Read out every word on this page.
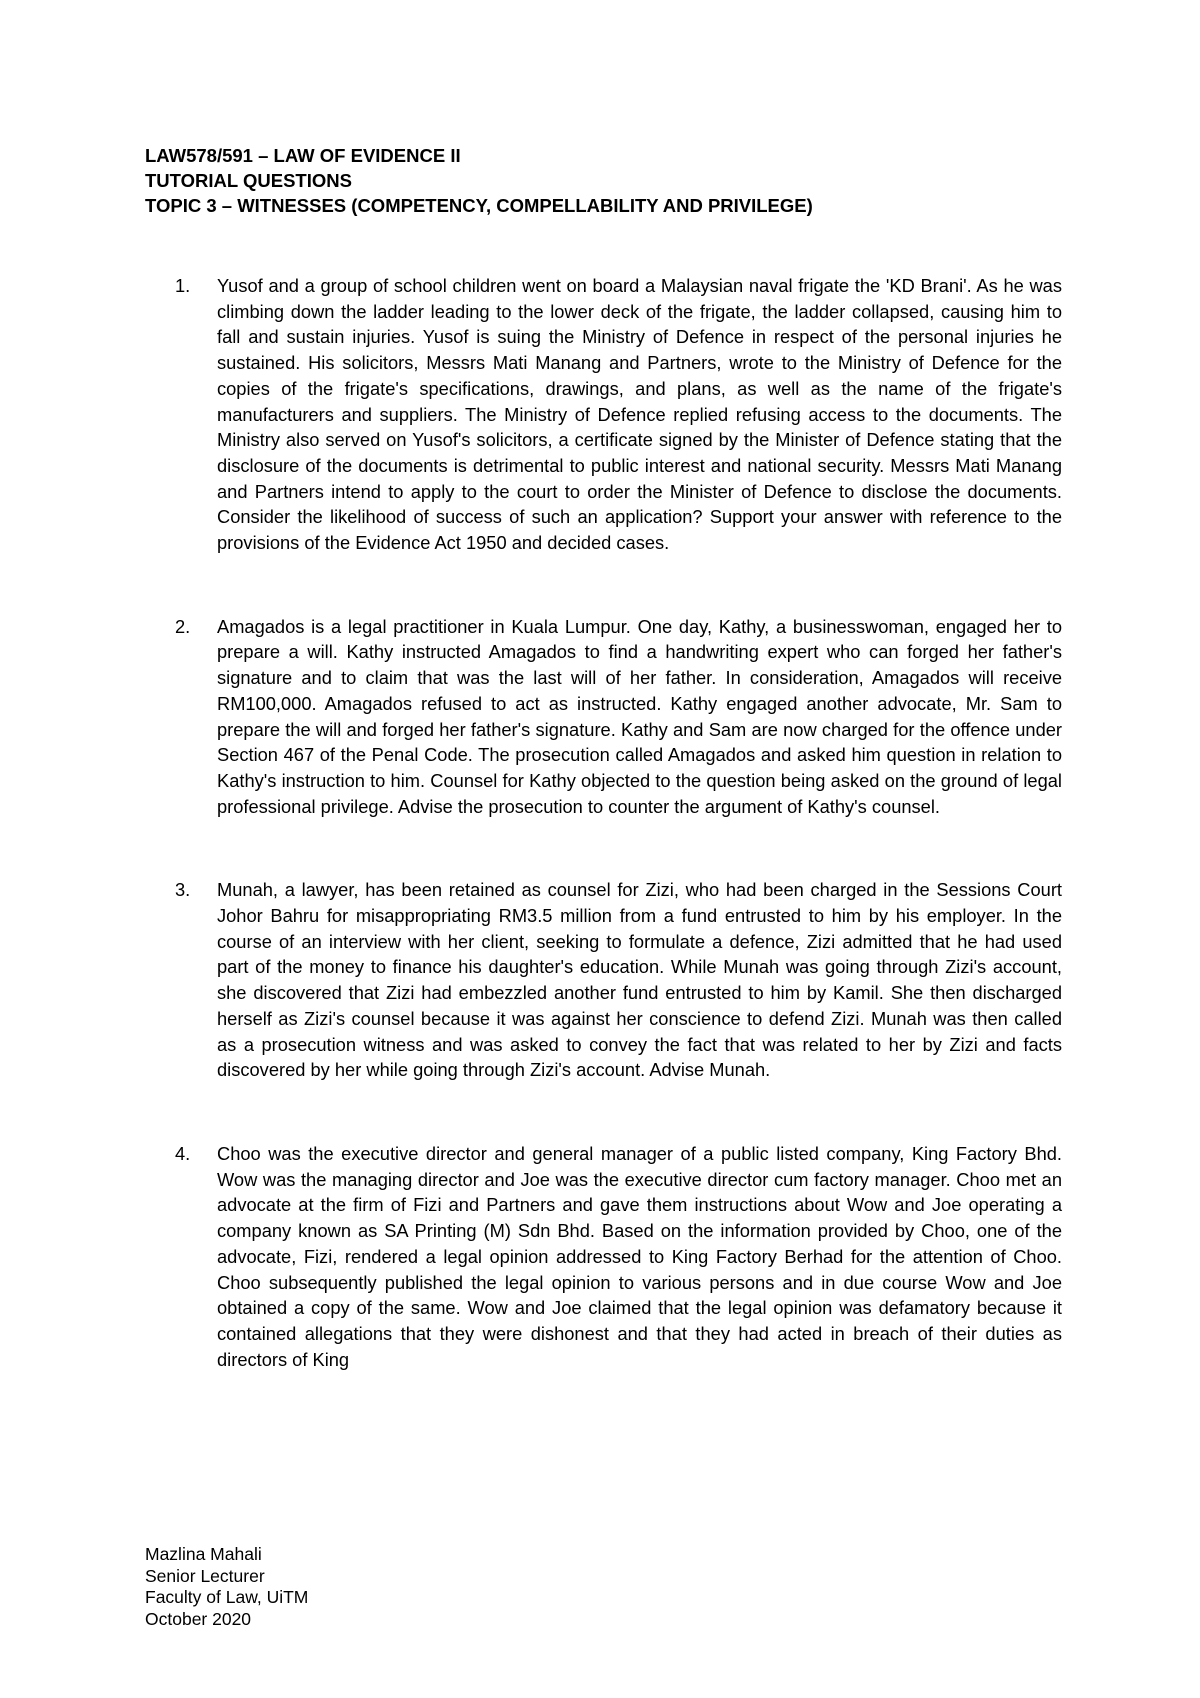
LAW578/591 – LAW OF EVIDENCE II
TUTORIAL QUESTIONS
TOPIC 3 – WITNESSES (COMPETENCY, COMPELLABILITY AND PRIVILEGE)
1. Yusof and a group of school children went on board a Malaysian naval frigate the 'KD Brani'. As he was climbing down the ladder leading to the lower deck of the frigate, the ladder collapsed, causing him to fall and sustain injuries. Yusof is suing the Ministry of Defence in respect of the personal injuries he sustained. His solicitors, Messrs Mati Manang and Partners, wrote to the Ministry of Defence for the copies of the frigate's specifications, drawings, and plans, as well as the name of the frigate's manufacturers and suppliers. The Ministry of Defence replied refusing access to the documents. The Ministry also served on Yusof's solicitors, a certificate signed by the Minister of Defence stating that the disclosure of the documents is detrimental to public interest and national security. Messrs Mati Manang and Partners intend to apply to the court to order the Minister of Defence to disclose the documents. Consider the likelihood of success of such an application? Support your answer with reference to the provisions of the Evidence Act 1950 and decided cases.
2. Amagados is a legal practitioner in Kuala Lumpur. One day, Kathy, a businesswoman, engaged her to prepare a will. Kathy instructed Amagados to find a handwriting expert who can forged her father's signature and to claim that was the last will of her father. In consideration, Amagados will receive RM100,000. Amagados refused to act as instructed. Kathy engaged another advocate, Mr. Sam to prepare the will and forged her father's signature. Kathy and Sam are now charged for the offence under Section 467 of the Penal Code. The prosecution called Amagados and asked him question in relation to Kathy's instruction to him. Counsel for Kathy objected to the question being asked on the ground of legal professional privilege. Advise the prosecution to counter the argument of Kathy's counsel.
3. Munah, a lawyer, has been retained as counsel for Zizi, who had been charged in the Sessions Court Johor Bahru for misappropriating RM3.5 million from a fund entrusted to him by his employer. In the course of an interview with her client, seeking to formulate a defence, Zizi admitted that he had used part of the money to finance his daughter's education. While Munah was going through Zizi's account, she discovered that Zizi had embezzled another fund entrusted to him by Kamil. She then discharged herself as Zizi's counsel because it was against her conscience to defend Zizi. Munah was then called as a prosecution witness and was asked to convey the fact that was related to her by Zizi and facts discovered by her while going through Zizi's account. Advise Munah.
4. Choo was the executive director and general manager of a public listed company, King Factory Bhd. Wow was the managing director and Joe was the executive director cum factory manager. Choo met an advocate at the firm of Fizi and Partners and gave them instructions about Wow and Joe operating a company known as SA Printing (M) Sdn Bhd. Based on the information provided by Choo, one of the advocate, Fizi, rendered a legal opinion addressed to King Factory Berhad for the attention of Choo. Choo subsequently published the legal opinion to various persons and in due course Wow and Joe obtained a copy of the same. Wow and Joe claimed that the legal opinion was defamatory because it contained allegations that they were dishonest and that they had acted in breach of their duties as directors of King
Mazlina Mahali
Senior Lecturer
Faculty of Law, UiTM
October 2020
